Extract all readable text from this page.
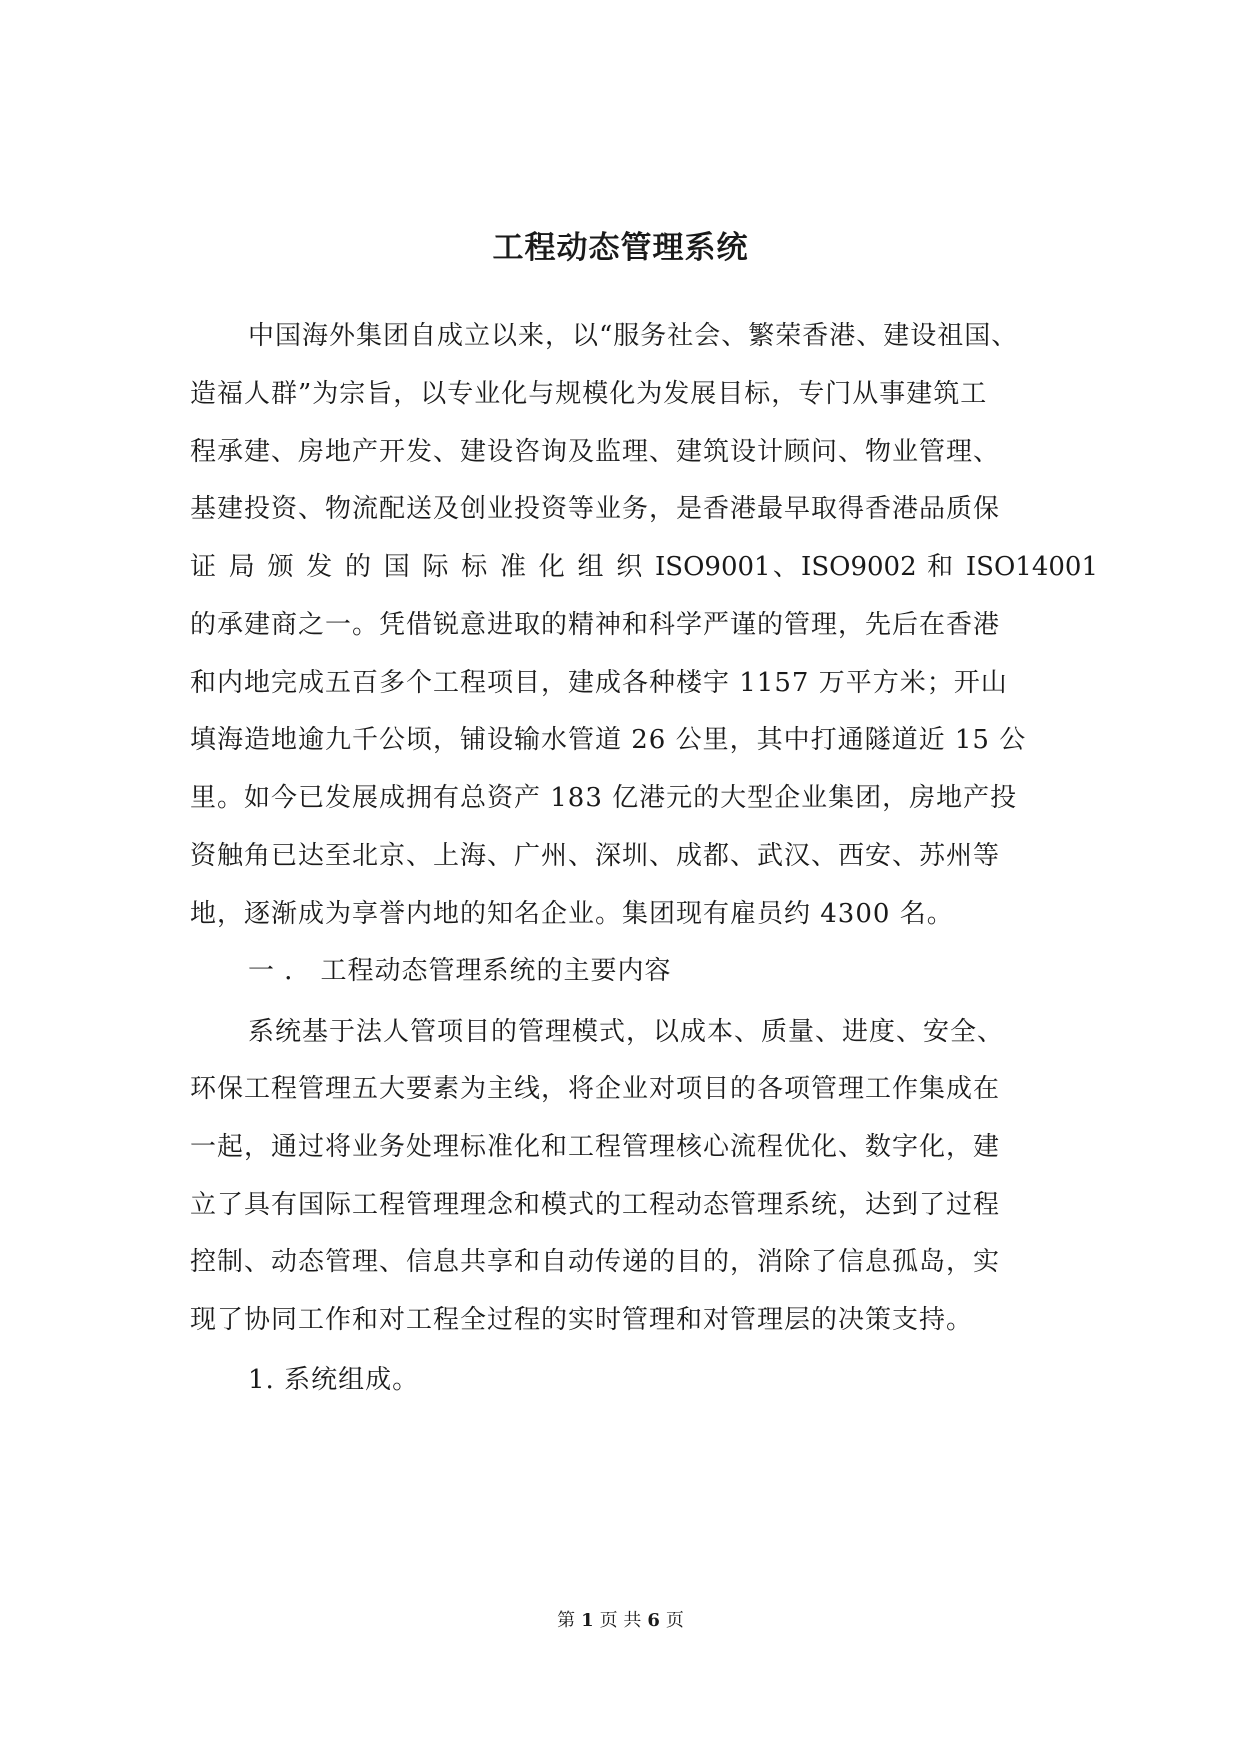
工程动态管理系统

中国海外集团自成立以来，以“服务社会、繁荣香港、建设祖国、

造福人群”为宗旨，以专业化与规模化为发展目标，专门从事建筑工

程承建、房地产开发、建设咨询及监理、建筑设计顾问、物业管理、

基建投资、物流配送及创业投资等业务，是香港最早取得香港品质保

证 局 颁 发 的 国 际 标 准 化 组 织 ISO9001、ISO9002 和 ISO14001

的承建商之一。凭借锐意进取的精神和科学严谨的管理，先后在香港

和内地完成五百多个工程项目，建成各种楼宇 1157 万平方米；开山

填海造地逾九千公顷，铺设输水管道 26 公里，其中打通隧道近 15 公

里。如今已发展成拥有总资产 183 亿港元的大型企业集团，房地产投

资触角已达至北京、上海、广州、深圳、成都、武汉、西安、苏州等

地，逐渐成为享誉内地的知名企业。集团现有雇员约 4300 名。

一 ． 工程动态管理系统的主要内容

系统基于法人管项目的管理模式，以成本、质量、进度、安全、

环保工程管理五大要素为主线，将企业对项目的各项管理工作集成在

一起，通过将业务处理标准化和工程管理核心流程优化、数字化，建

立了具有国际工程管理理念和模式的工程动态管理系统，达到了过程

控制、动态管理、信息共享和自动传递的目的，消除了信息孤岛，实

现了协同工作和对工程全过程的实时管理和对管理层的决策支持。

1. 系统组成。

第 1 页 共 6 页
